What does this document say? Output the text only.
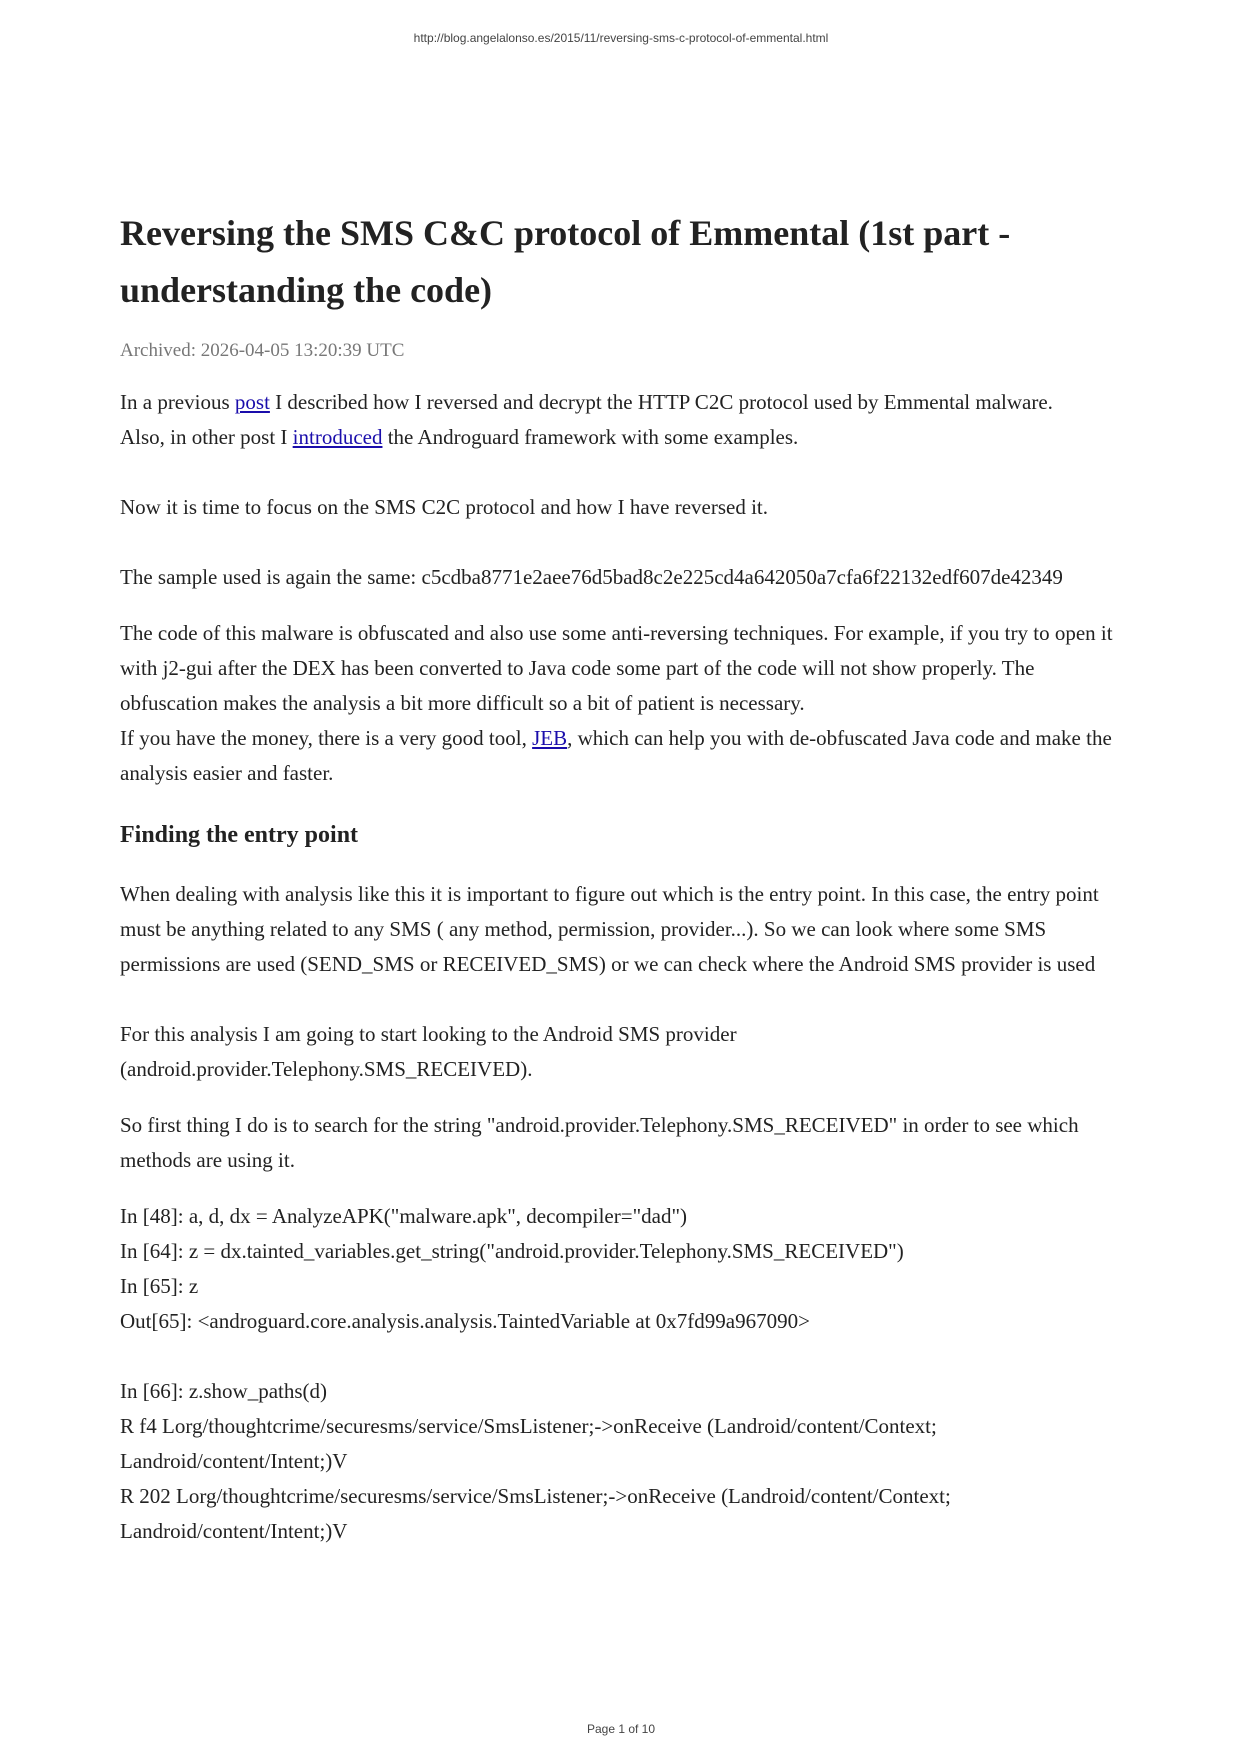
http://blog.angelalonso.es/2015/11/reversing-sms-c-protocol-of-emmental.html
Reversing the SMS C&C protocol of Emmental (1st part - understanding the code)
Archived: 2026-04-05 13:20:39 UTC

In a previous post I described how I reversed and decrypt the HTTP C2C protocol used by Emmental malware.
Also, in other post I introduced the Androguard framework with some examples.

Now it is time to focus on the SMS C2C protocol and how I have reversed it.

The sample used is again the same: c5cdba8771e2aee76d5bad8c2e225cd4a642050a7cfa6f22132edf607de42349

The code of this malware is obfuscated and also use some anti-reversing techniques. For example, if you try to open it with j2-gui after the DEX has been converted to Java code some part of the code will not show properly. The obfuscation makes the analysis a bit more difficult so a bit of patient is necessary.
If you have the money, there is a very good tool, JEB, which can help you with de-obfuscated Java code and make the analysis easier and faster.

Finding the entry point

When dealing with analysis like this it is important to figure out which is the entry point. In this case, the entry point must be anything related to any SMS ( any method, permission, provider...). So we can look where some SMS permissions are used (SEND_SMS or RECEIVED_SMS) or we can check where the Android SMS provider is used

For this analysis I am going to start looking to the Android SMS provider
(android.provider.Telephony.SMS_RECEIVED).

So first thing I do is to search for the string "android.provider.Telephony.SMS_RECEIVED" in order to see which methods are using it.

In [48]: a, d, dx = AnalyzeAPK("malware.apk", decompiler="dad")
In [64]: z = dx.tainted_variables.get_string("android.provider.Telephony.SMS_RECEIVED")
In [65]: z
Out[65]: <androguard.core.analysis.analysis.TaintedVariable at 0x7fd99a967090>

In [66]: z.show_paths(d)
R f4 Lorg/thoughtcrime/securesms/service/SmsListener;->onReceive (Landroid/content/Context; Landroid/content/Intent;)V
R 202 Lorg/thoughtcrime/securesms/service/SmsListener;->onReceive (Landroid/content/Context; Landroid/content/Intent;)V

Page 1 of 10
